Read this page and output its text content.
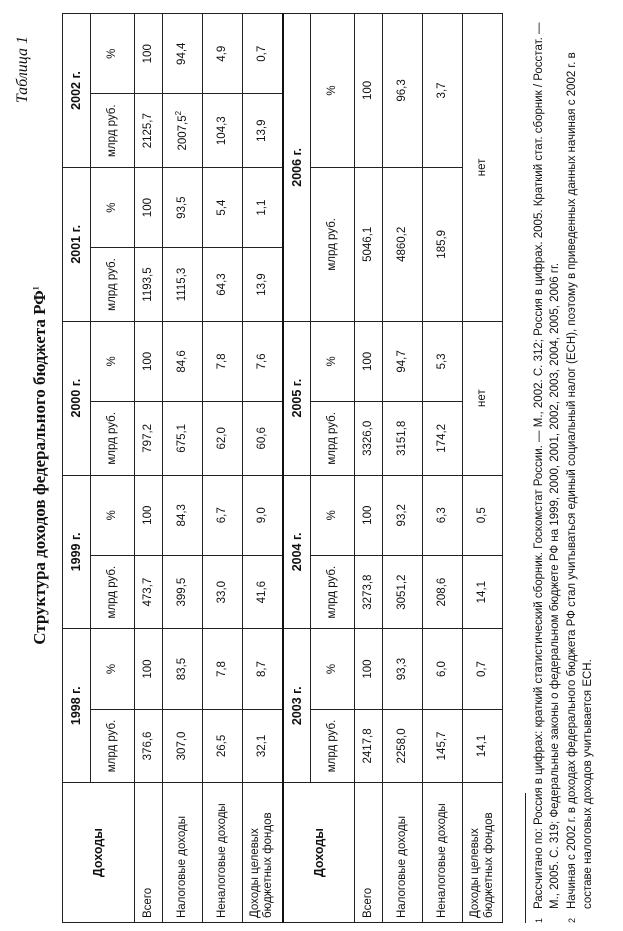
Таблица 1
Структура доходов федерального бюджета $РФ^1$
Доходы	1998 г.		1999 г.		2000 г.		2001 г.		2002 г.	
	млрд руб.	%	млрд руб.	%	млрд руб.	%	млрд руб.	%	млрд руб.	%
Всего	376,6	100	473,7	100	797,2	100	1193,5	100	2125,7	100
Налоговые доходы	307,0	83,5	399,5	84,3	675,1	84,6	1115,3	93,5	2007,5$^2$	94,4
Неналоговые доходы	26,5	7,8	33,0	6,7	62,0	7,8	64,3	5,4	104,3	4,9
Доходы целевых бюджетных фондов	32,1	8,7	41,6	9,0	60,6	7,6	13,9	1,1	13,9	0,7
Доходы	2003 г.		2004 г.		2005 г.		2006 г.			
	млрд руб.	%	млрд руб.	%	млрд руб.	%	млрд руб.		%	
Всего	2417,8	100	3273,8	100	3326,0	100	5046,1		100	
Налоговые доходы	2258,0	93,3	3051,2	93,2	3151,8	94,7	4860,2		96,3	
Неналоговые доходы	145,7	6,0	208,6	6,3	174,2	5,3	185,9		3,7	
Доходы целевых бюджетных фондов	14,1	0,7	14,1	0,5	нет		нет			
1
Рассчитано по: Россия в цифрах: краткий статистический сборник. Госкомстат России. — М., 2002. С. 312; Россия в цифрах. 2005. Краткий стат. сборник / Росстат. — М., 2005. С. 319; Федеральные законы о федеральном бюджете РФ на 1999, 2000, 2001, 2002, 2003, 2004, 2005, 2006 гг.
2
Начиная с 2002 г. в доходах федерального бюджета РФ стал учитываться единый социальный налог (ЕСН), поэтому в приведенных данных начиная с 2002 г. в составе налоговых доходов учитывается ЕСН.
